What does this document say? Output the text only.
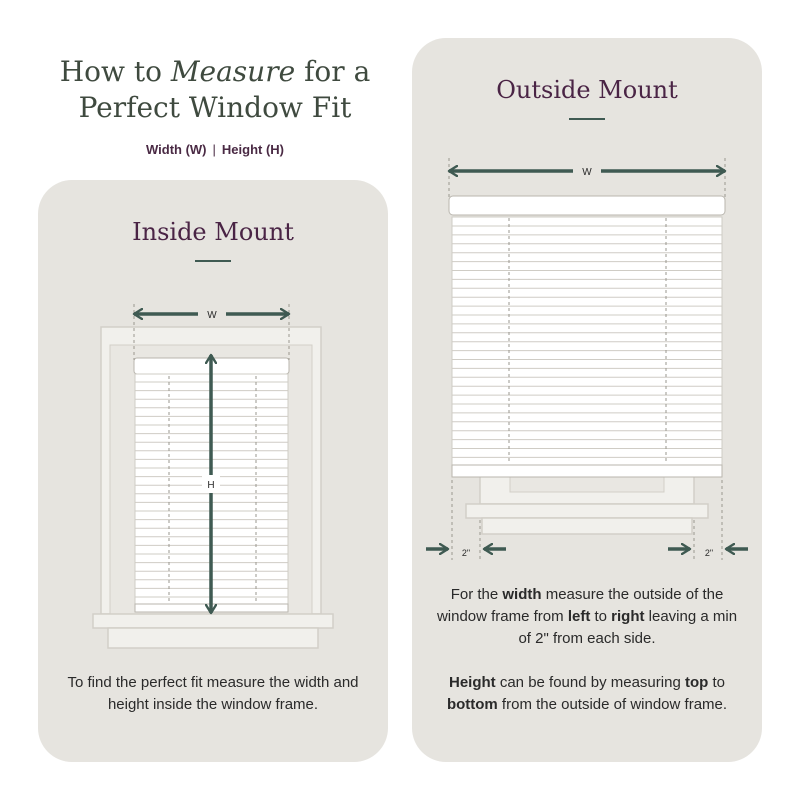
How to Measure for a
Perfect Window Fit
Width (W) | Height (H)
Inside Mount
W
H
To find the perfect fit measure the width and height inside the window frame.
Outside Mount
W
2"	2"

For the width measure the outside of the window frame from left to right leaving a min of 2" from each side.

Height can be found by measuring top to bottom from the outside of window frame.
